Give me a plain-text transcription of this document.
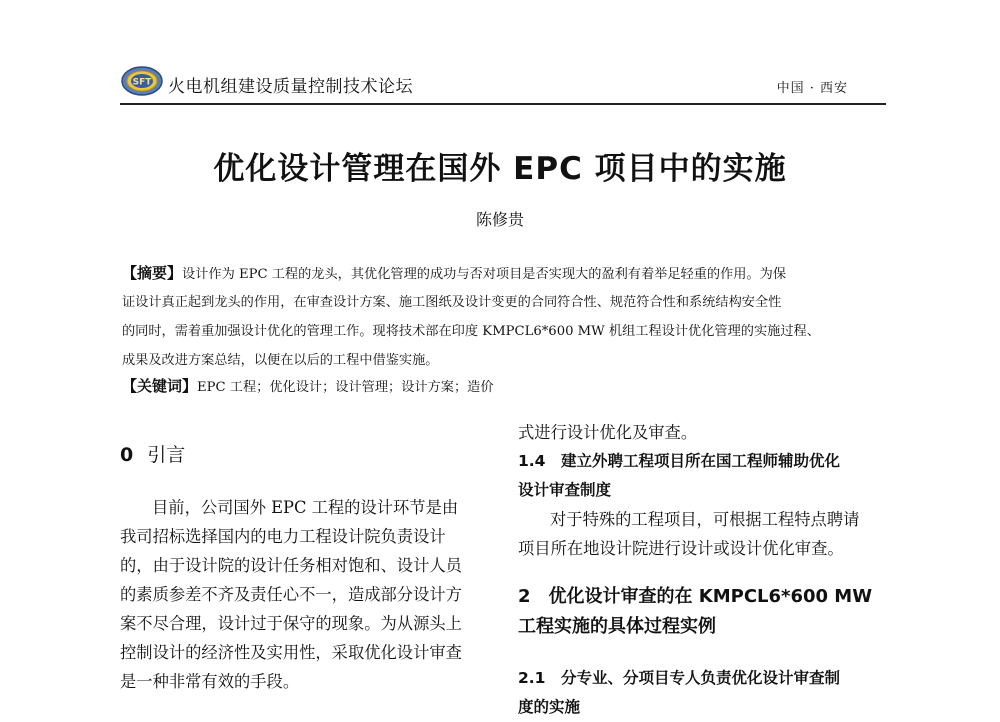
SFT 火电机组建设质量控制技术论坛	中国 · 西安
优化设计管理在国外 EPC 项目中的实施
陈修贵
【摘要】设计作为 EPC 工程的龙头，其优化管理的成功与否对项目是否实现大的盈利有着举足轻重的作用。为保
证设计真正起到龙头的作用，在审查设计方案、施工图纸及设计变更的合同符合性、规范符合性和系统结构安全性
的同时，需着重加强设计优化的管理工作。现将技术部在印度 KMPCL6*600 MW 机组工程设计优化管理的实施过程、
成果及改进方案总结，以便在以后的工程中借鉴实施。
【关键词】EPC 工程；优化设计；设计管理；设计方案；造价
0 引言
目前，公司国外 EPC 工程的设计环节是由
我司招标选择国内的电力工程设计院负责设计
的，由于设计院的设计任务相对饱和、设计人员
的素质参差不齐及责任心不一，造成部分设计方
案不尽合理，设计过于保守的现象。为从源头上
控制设计的经济性及实用性，采取优化设计审查
是一种非常有效的手段。
式进行设计优化及审查。
1.4　建立外聘工程项目所在国工程师辅助优化
设计审查制度
对于特殊的工程项目，可根据工程特点聘请
项目所在地设计院进行设计或设计优化审查。
2　优化设计审查的在 KMPCL6*600 MW
工程实施的具体过程实例
2.1　分专业、分项目专人负责优化设计审查制
度的实施
